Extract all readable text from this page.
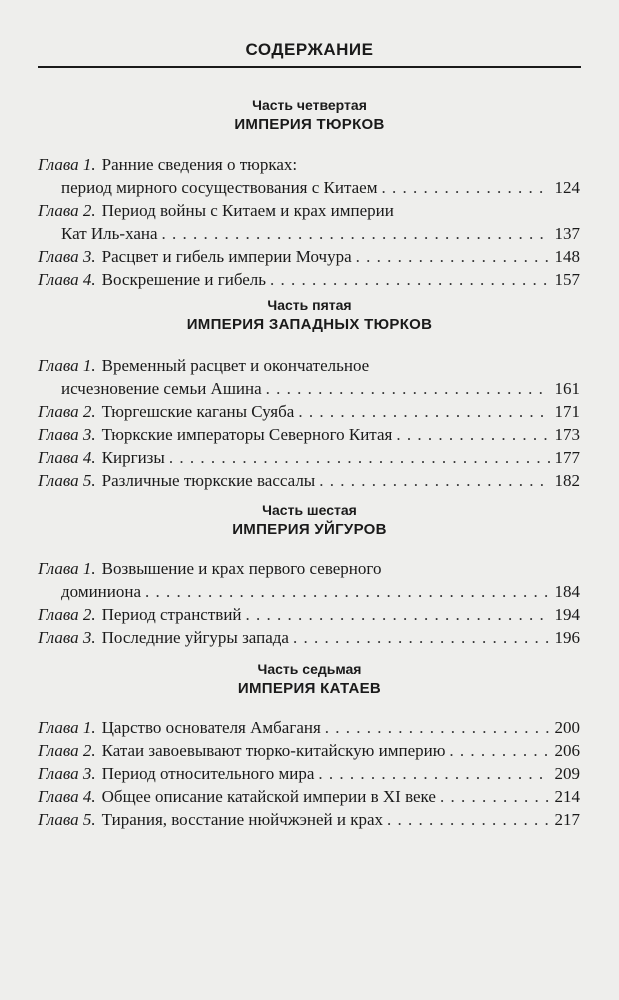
СОДЕРЖАНИЕ
Часть четвертая
ИМПЕРИЯ ТЮРКОВ
Глава 1. Ранние сведения о тюрках:
период мирного сосуществования с Китаем . . .	124
Глава 2. Период войны с Китаем и крах империи
Кат Иль-хана . . .	137
Глава 3. Расцвет и гибель империи Мочура . . .	148
Глава 4. Воскрешение и гибель . . .	157
Часть пятая
ИМПЕРИЯ ЗАПАДНЫХ ТЮРКОВ
Глава 1. Временный расцвет и окончательное
исчезновение семьи Ашина . . .	161
Глава 2. Тюргешские каганы Суяба . . .	171
Глава 3. Тюркские императоры Северного Китая . . .	173
Глава 4. Киргизы . . .	177
Глава 5. Различные тюркские вассалы . . .	182
Часть шестая
ИМПЕРИЯ УЙГУРОВ
Глава 1. Возвышение и крах первого северного
доминиона . . .	184
Глава 2. Период странствий . . .	194
Глава 3. Последние уйгуры запада . . .	196
Часть седьмая
ИМПЕРИЯ КАТАЕВ
Глава 1. Царство основателя Амбаганя . . .	200
Глава 2. Катаи завоевывают тюрко-китайскую империю . . .	206
Глава 3. Период относительного мира . . .	209
Глава 4. Общее описание катайской империи в XI веке . . .	214
Глава 5. Тирания, восстание нюйчжэней и крах . . .	217
